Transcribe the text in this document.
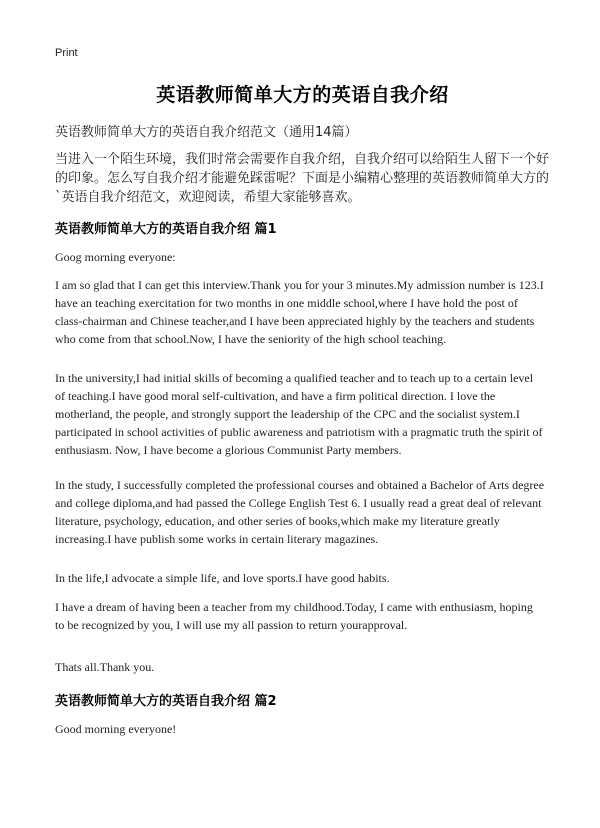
Print
英语教师简单大方的英语自我介绍
英语教师简单大方的英语自我介绍范文（通用14篇）

当进入一个陌生环境，我们时常会需要作自我介绍，自我介绍可以给陌生人留下一个好的印象。怎么写自我介绍才能避免踩雷呢？下面是小编精心整理的英语教师简单大方的`英语自我介绍范文，欢迎阅读，希望大家能够喜欢。

英语教师简单大方的英语自我介绍 篇1

Goog morning everyone:

I am so glad that I can get this interview.Thank you for your 3 minutes.My admission number is 123.I have an teaching exercitation for two months in one middle school,where I have hold the post of class-chairman and Chinese teacher,and I have been appreciated highly by the teachers and students who come from that school.Now, I have the seniority of the high school teaching.

In the university,I had initial skills of becoming a qualified teacher and to teach up to a certain level of teaching.I have good moral self-cultivation, and have a firm political direction. I love the motherland, the people, and strongly support the leadership of the CPC and the socialist system.I participated in school activities of public awareness and patriotism with a pragmatic truth the spirit of enthusiasm. Now, I have become a glorious Communist Party members.

In the study, I successfully completed the professional courses and obtained a Bachelor of Arts degree and college diploma,and had passed the College English Test 6. I usually read a great deal of relevant literature, psychology, education, and other series of books,which make my literature greatly increasing.I have publish some works in certain literary magazines.

In the life,I advocate a simple life, and love sports.I have good habits.

I have a dream of having been a teacher from my childhood.Today, I came with enthusiasm, hoping to be recognized by you, I will use my all passion to return yourapproval.

Thats all.Thank you.

英语教师简单大方的英语自我介绍 篇2

Good morning everyone!
